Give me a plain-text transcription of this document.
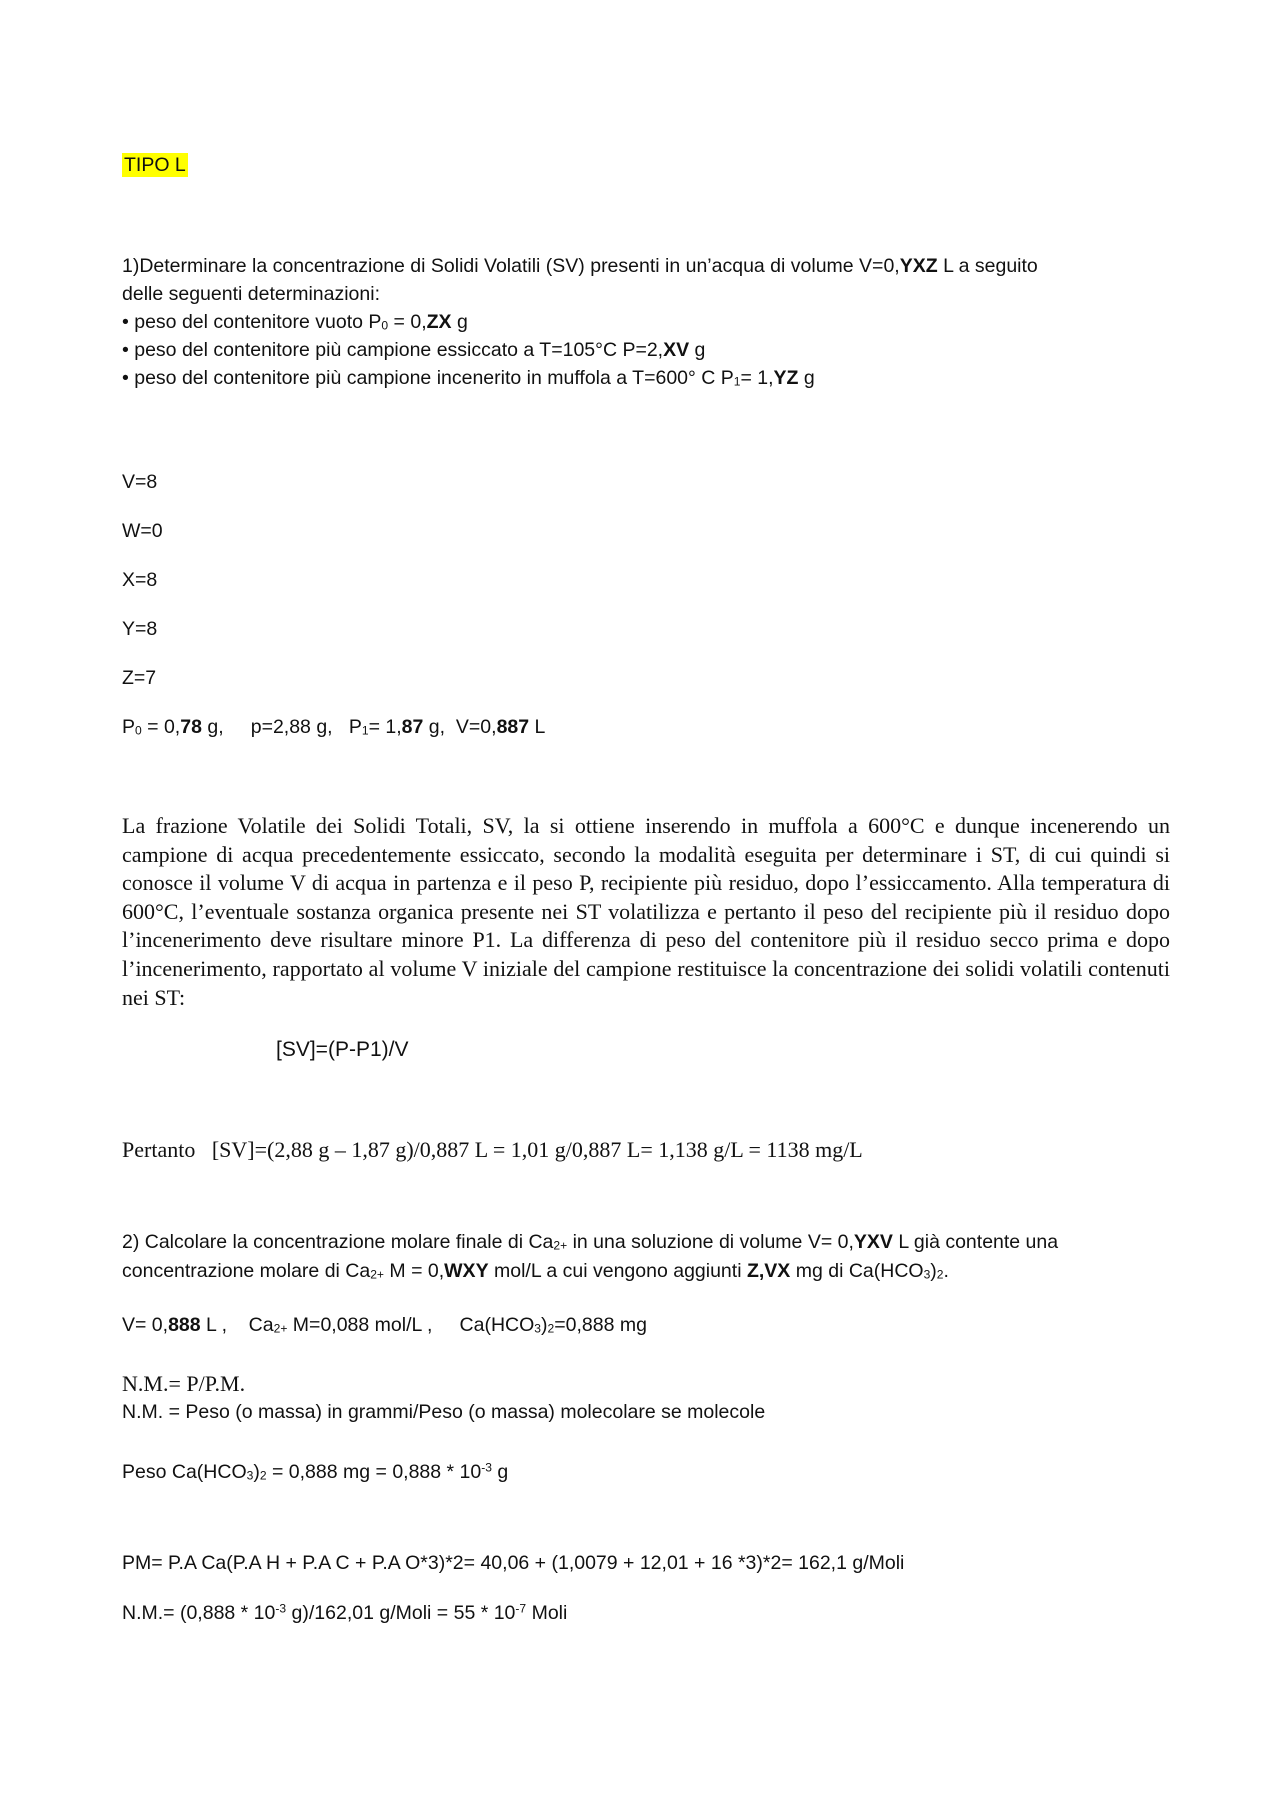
TIPO L
1)Determinare la concentrazione di Solidi Volatili (SV) presenti in un’acqua di volume V=0,YXZ L a seguito
delle seguenti determinazioni:
• peso del contenitore vuoto $P_0 = 0,ZX$ g
• peso del contenitore più campione essiccato a T=105°C P=2,XV g
• peso del contenitore più campione incenerito in muffola a T=600° C $P_1= 1,YZ$ g
V=8
W=0
X=8
Y=8
Z=7
$P_0 = 0,78$ g, p=2,88 g, $P_1= 1,87$ g, V=0,887 L
La frazione Volatile dei Solidi Totali, SV, la si ottiene inserendo in muffola a 600°C e dunque incenerendo un campione di acqua precedentemente essiccato, secondo la modalità eseguita per determinare i ST, di cui quindi si conosce il volume V di acqua in partenza e il peso P, recipiente più residuo, dopo l’essiccamento. Alla temperatura di 600°C, l’eventuale sostanza organica presente nei ST volatilizza e pertanto il peso del recipiente più il residuo dopo l’incenerimento deve risultare minore P1. La differenza di peso del contenitore più il residuo secco prima e dopo l’incenerimento, rapportato al volume V iniziale del campione restituisce la concentrazione dei solidi volatili contenuti nei ST:
[SV]=(P-P1)/V
Pertanto   [SV]=(2,88 g – 1,87 g)/0,887 L = 1,01 g/0,887 L= 1,138 g/L = 1138 mg/L
2) Calcolare la concentrazione molare finale di $Ca_{2+}$ in una soluzione di volume V= 0,YXV L già contente una
concentrazione molare di $Ca_{2+}$ M = 0,WXY mol/L a cui vengono aggiunti Z,VX mg di $Ca(HCO_3)_2$.
V= 0,888 L ,    $Ca_{2+}$ M=0,088 mol/L ,     $Ca(HCO_3)_2=0,888$ mg
N.M.= P/P.M.
N.M. = Peso (o massa) in grammi/Peso (o massa) molecolare se molecole
Peso $Ca(HCO_3)_2 = 0,888$ mg = $0,888 * 10^{-3}$ g
PM= P.A Ca(P.A H + P.A C + P.A O*3)*2= 40,06 + (1,0079 + 12,01 + 16 *3)*2= 162,1 g/Moli
$N.M.= (0,888 * 10^{-3}$ g)/162,01 g/Moli = $55 * 10^{-7}$ Moli
